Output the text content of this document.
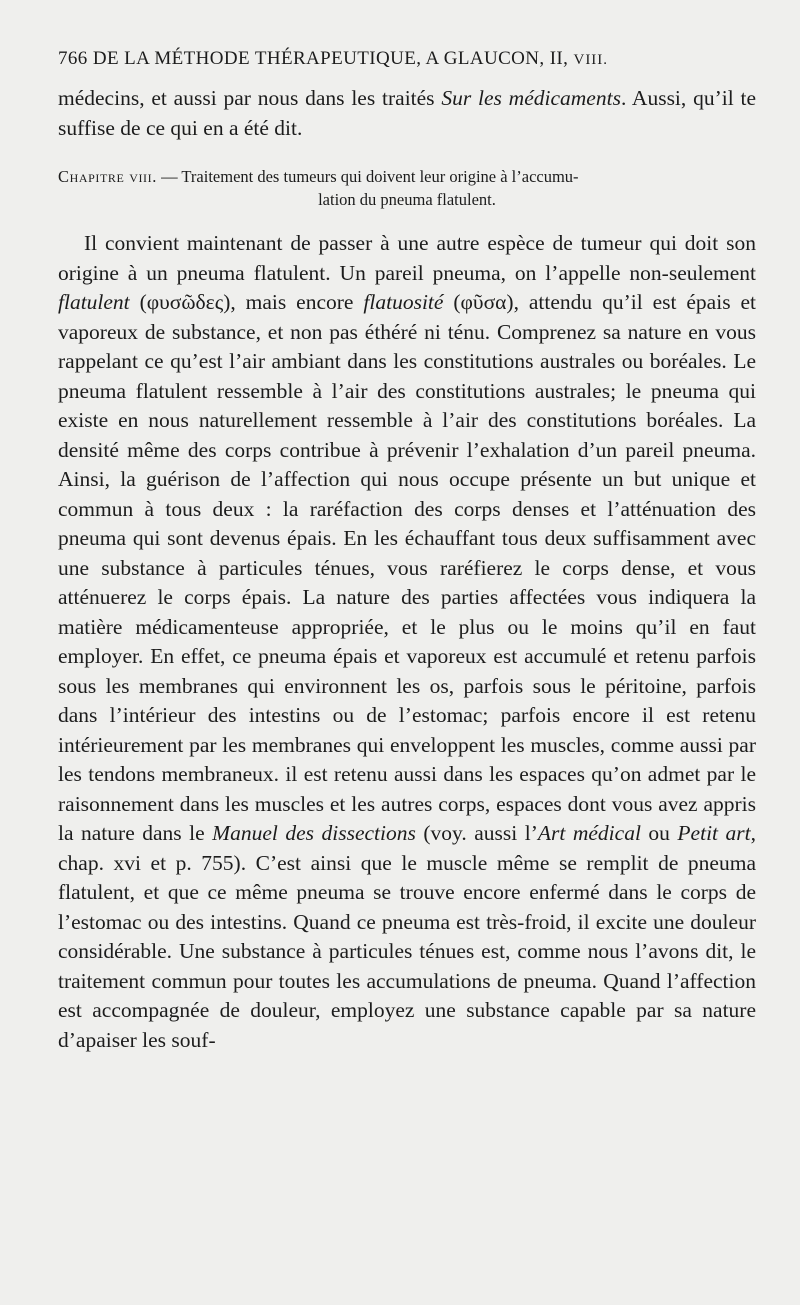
766 DE LA MÉTHODE THÉRAPEUTIQUE, A GLAUCON, II, VIII.

médecins, et aussi par nous dans les traités Sur les médicaments. Aussi, qu’il te suffise de ce qui en a été dit.

Chapitre viii. — Traitement des tumeurs qui doivent leur origine à l’accumu-
lation du pneuma flatulent.

Il convient maintenant de passer à une autre espèce de tumeur qui doit son origine à un pneuma flatulent. Un pareil pneuma, on l’appelle non-seulement flatulent (φυσῶδες), mais encore flatuosité (φῦσα), attendu qu’il est épais et vaporeux de substance, et non pas éthéré ni ténu. Comprenez sa nature en vous rappelant ce qu’est l’air ambiant dans les constitutions australes ou boréales. Le pneuma flatulent ressemble à l’air des constitutions australes; le pneuma qui existe en nous naturellement ressemble à l’air des constitutions boréales. La densité même des corps contribue à prévenir l’exhalation d’un pareil pneuma. Ainsi, la guérison de l’affection qui nous occupe présente un but unique et commun à tous deux : la raréfaction des corps denses et l’atténuation des pneuma qui sont devenus épais. En les échauffant tous deux suffisamment avec une substance à particules ténues, vous raréfierez le corps dense, et vous atténuerez le corps épais. La nature des parties affectées vous indiquera la matière médicamenteuse appropriée, et le plus ou le moins qu’il en faut employer. En effet, ce pneuma épais et vaporeux est accumulé et retenu parfois sous les membranes qui environnent les os, parfois sous le péritoine, parfois dans l’intérieur des intestins ou de l’estomac; parfois encore il est retenu intérieurement par les membranes qui enveloppent les muscles, comme aussi par les tendons membraneux. il est retenu aussi dans les espaces qu’on admet par le raisonnement dans les muscles et les autres corps, espaces dont vous avez appris la nature dans le Manuel des dissections (voy. aussi l’Art médical ou Petit art, chap. xvi et p. 755). C’est ainsi que le muscle même se remplit de pneuma flatulent, et que ce même pneuma se trouve encore enfermé dans le corps de l’estomac ou des intestins. Quand ce pneuma est très-froid, il excite une douleur considérable. Une substance à particules ténues est, comme nous l’avons dit, le traitement commun pour toutes les accumulations de pneuma. Quand l’affection est accompagnée de douleur, employez une substance capable par sa nature d’apaiser les souf-
